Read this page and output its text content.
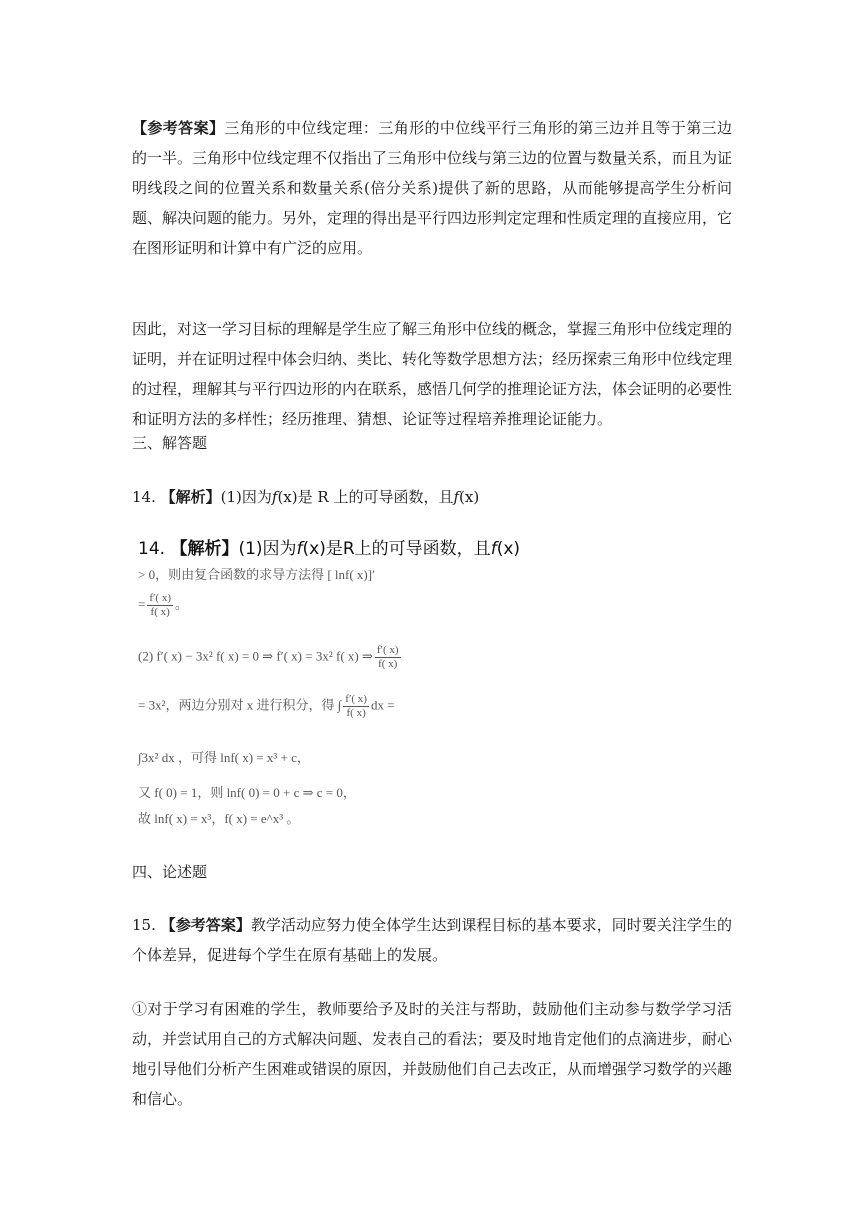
【参考答案】三角形的中位线定理：三角形的中位线平行三角形的第三边并且等于第三边的一半。三角形中位线定理不仅指出了三角形中位线与第三边的位置与数量关系，而且为证明线段之间的位置关系和数量关系(倍分关系)提供了新的思路，从而能够提高学生分析问题、解决问题的能力。另外，定理的得出是平行四边形判定定理和性质定理的直接应用，它在图形证明和计算中有广泛的应用。

因此，对这一学习目标的理解是学生应了解三角形中位线的概念，掌握三角形中位线定理的证明，并在证明过程中体会归纳、类比、转化等数学思想方法；经历探索三角形中位线定理的过程，理解其与平行四边形的内在联系，感悟几何学的推理论证方法，体会证明的必要性和证明方法的多样性；经历推理、猜想、论证等过程培养推理论证能力。

三、解答题

14. 【解析】(1)因为f(x)是 R 上的可导函数，且f(x)

14. 【解析】(1)因为f(x)是R上的可导函数，且f(x)
> 0，则由复合函数的求导方法得 [ lnf( x)]′
= $\frac{f'( x)}{f( x)}$ 。
(2) f′( x) − 3x² f( x) = 0 ⇒ f′( x) = 3x² f( x) ⇒ $\frac{f'( x)}{f( x)}$
= 3x²，两边分别对 x 进行积分，得 ∫ $\frac{f'( x)}{f( x)}$ dx =
∫3x² dx ，可得 lnf( x) = x³ + c，
又 f( 0) = 1，则 lnf( 0) = 0 + c ⇒ c = 0，
故 lnf( x) = x³，f( x) = e^x³ 。

四、论述题

15. 【参考答案】教学活动应努力使全体学生达到课程目标的基本要求，同时要关注学生的个体差异，促进每个学生在原有基础上的发展。

①对于学习有困难的学生，教师要给予及时的关注与帮助，鼓励他们主动参与数学学习活动，并尝试用自己的方式解决问题、发表自己的看法；要及时地肯定他们的点滴进步，耐心地引导他们分析产生困难或错误的原因，并鼓励他们自己去改正，从而增强学习数学的兴趣和信心。
